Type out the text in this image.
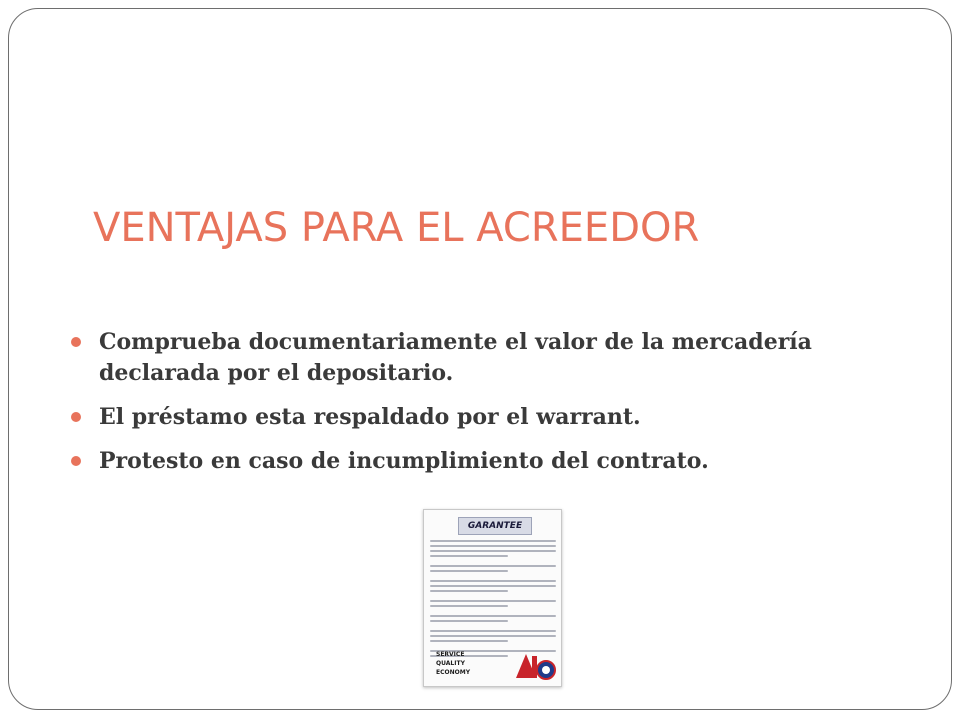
VENTAJAS PARA EL ACREEDOR
Comprueba documentariamente el valor de la mercadería declarada por el depositario.
El préstamo esta respaldado por el warrant.
Protesto en caso de incumplimiento del contrato.
GARANTEE
SERVICE
QUALITY
ECONOMY
